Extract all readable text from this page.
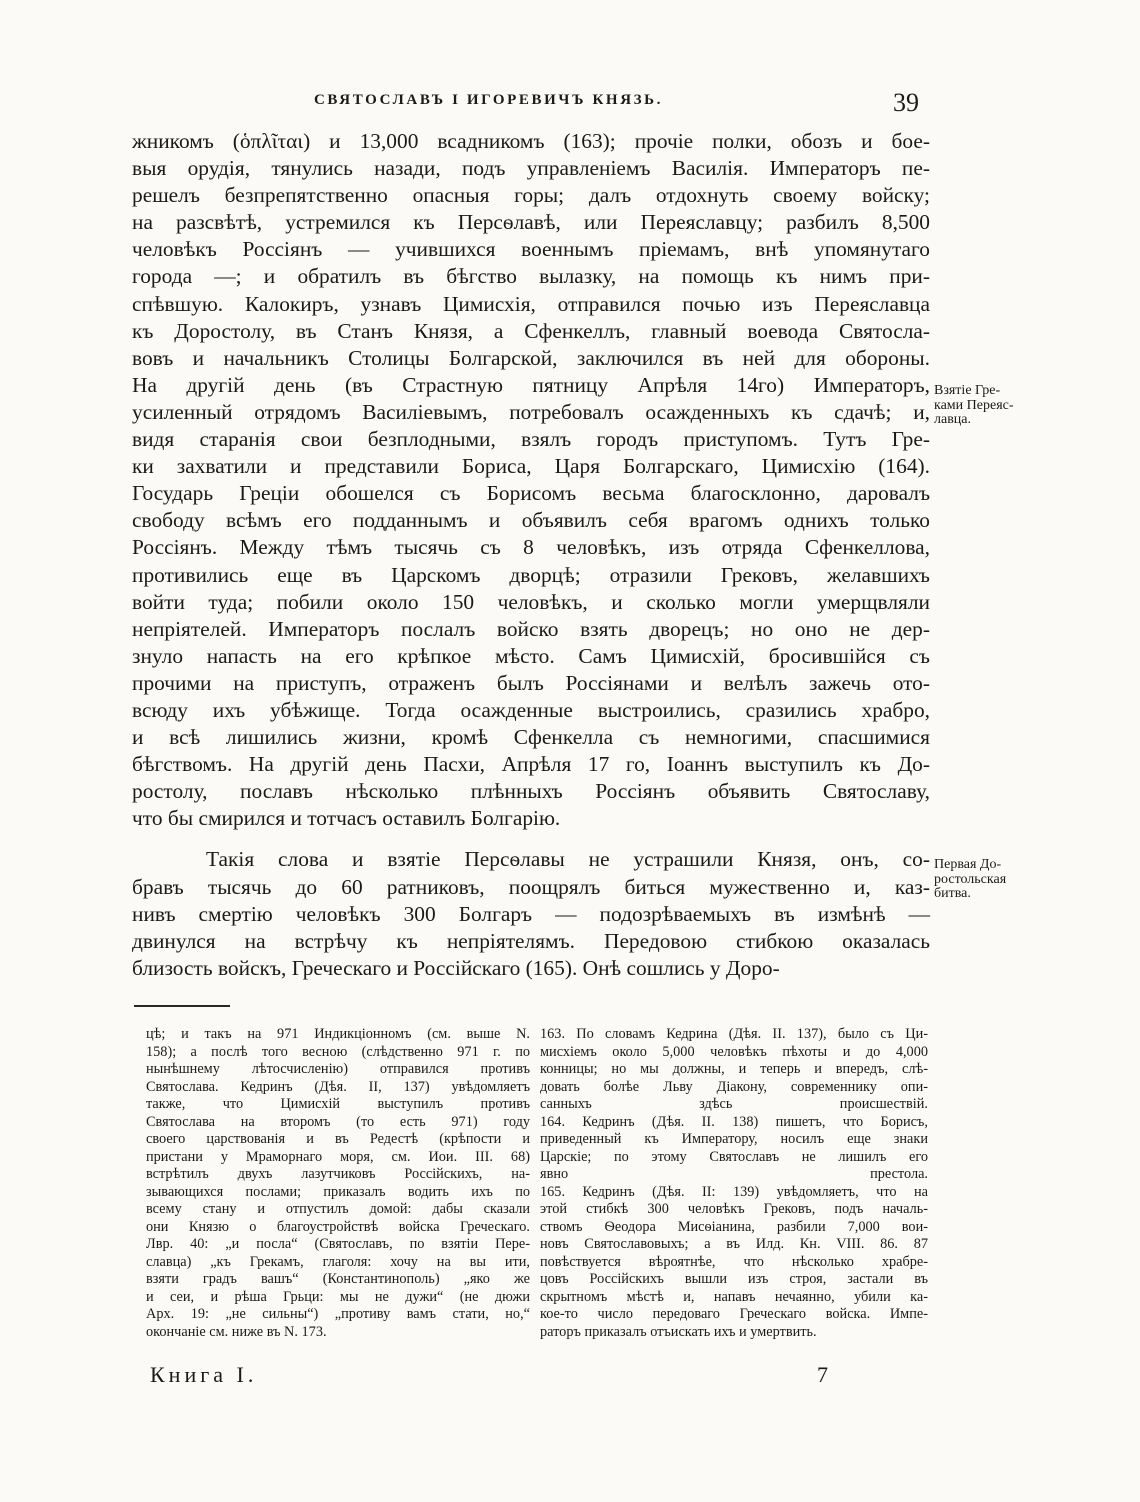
СВЯТОСЛАВЪ I ИГОРЕВИЧЪ КНЯЗЬ.	39
жникомъ (ὁπλῖται) и 13,000 всадникомъ (163); прочіе полки, обозъ и бое-
выя орудія, тянулись назади, подъ управленіемъ Василія. Императоръ пе-
решелъ безпрепятственно опасныя горы; далъ отдохнуть своему войску;
на разсвѣтѣ, устремился къ Персѳлавѣ, или Переяславцу; разбилъ 8,500
человѣкъ Россіянъ — учившихся военнымъ пріемамъ, внѣ упомянутаго
города —; и обратилъ въ бѣгство вылазку, на помощь къ нимъ при-
спѣвшую. Калокиръ, узнавъ Цимисхія, отправился почью изъ Переяславца
къ Доростолу, въ Станъ Князя, а Сфенкеллъ, главный воевода Святосла-
вовъ и начальникъ Столицы Болгарской, заключился въ ней для обороны.
На другій день (въ Страстную пятницу Апрѣля 14го) Императоръ,
усиленный отрядомъ Василіевымъ, потребовалъ осажденныхъ къ сдачѣ; и,
видя старанія свои безплодными, взялъ городъ приступомъ. Тутъ Гре-
ки захватили и представили Бориса, Царя Болгарскаго, Цимисхію (164).
Государь Греціи обошелся съ Борисомъ весьма благосклонно, даровалъ
свободу всѣмъ его подданнымъ и объявилъ себя врагомъ однихъ только
Россіянъ. Между тѣмъ тысячь съ 8 человѣкъ, изъ отряда Сфенкеллова,
противились еще въ Царскомъ дворцѣ; отразили Грековъ, желавшихъ
войти туда; побили около 150 человѣкъ, и сколько могли умерщвляли
непріятелей. Императоръ послалъ войско взять дворецъ; но оно не дер-
знуло напасть на его крѣпкое мѣсто. Самъ Цимисхій, бросившійся съ
прочими на приступъ, отраженъ былъ Россіянами и велѣлъ зажечь ото-
всюду ихъ убѣжище. Тогда осажденные выстроились, сразились храбро,
и всѣ лишились жизни, кромѣ Сфенкелла съ немногими, спасшимися
бѣгствомъ. На другій день Пасхи, Апрѣля 17 го, Іоаннъ выступилъ къ До-
ростолу, пославъ нѣсколько плѣнныхъ Россіянъ объявить Святославу,
что бы смирился и тотчасъ оставилъ Болгарію.
Такія слова и взятіе Персѳлавы не устрашили Князя, онъ, со-
бравъ тысячь до 60 ратниковъ, поощрялъ биться мужественно и, каз-
нивъ смертію человѣкъ 300 Болгаръ — подозрѣваемыхъ въ измѣнѣ —
двинулся на встрѣчу къ непріятелямъ. Передовою стибкою оказалась
близость войскъ, Греческаго и Россійскаго (165). Онѣ сошлись у Доро-
Взятіе Гре-
ками Переяс-
лавца.
Первая До-
ростольская
битва.
цѣ; и такъ на 971 Индикціонномъ (см. выше N.
158); а послѣ того весною (слѣдственно 971 г. по
нынѣшнему лѣтосчисленію) отправился противъ
Святослава. Кедринъ (Дѣя. II, 137) увѣдомляетъ
также, что Цимисхій выступилъ противъ
Святослава на второмъ (то есть 971) году
своего царствованія и въ Редестѣ (крѣпости и
пристани у Мраморнаго моря, см. Иои. III. 68)
встрѣтилъ двухъ лазутчиковъ Россійскихъ, на-
зывающихся послами; приказалъ водить ихъ по
всему стану и отпустилъ домой: дабы сказали
они Князю о благоустройствѣ войска Греческаго.
Лвр. 40: „и посла“ (Святославъ, по взятіи Пере-
славца) „къ Грекамъ, глаголя: хочу на вы ити,
взяти градъ вашъ“ (Константинополь) „яко же
и сеи, и рѣша Грьци: мы не дужи“ (не дюжи
Арх. 19: „не сильны“) „противу вамъ стати, но,“
окончаніе см. ниже въ N. 173.
163. По словамъ Кедрина (Дѣя. II. 137), было съ Ци-
мисхіемъ около 5,000 человѣкъ пѣхоты и до 4,000
конницы; но мы должны, и теперь и впередъ, слѣ-
довать болѣе Льву Діакону, современнику опи-
санныхъ здѣсь происшествій.
164. Кедринъ (Дѣя. II. 138) пишетъ, что Борисъ,
приведенный къ Императору, носилъ еще знаки
Царскіе; по этому Святославъ не лишилъ его
явно престола.
165. Кедринъ (Дѣя. II: 139) увѣдомляетъ, что на
этой стибкѣ 300 человѣкъ Грековъ, подъ началь-
ствомъ Ѳеодора Мисѳіанина, разбили 7,000 вои-
новъ Святославовыхъ; а въ Илд. Кн. VIII. 86. 87
повѣствуется вѣроятнѣе, что нѣсколько храбре-
цовъ Россійскихъ вышли изъ строя, застали въ
скрытномъ мѣстѣ и, напавъ нечаянно, убили ка-
кое-то число передоваго Греческаго войска. Импе-
раторъ приказалъ отъискать ихъ и умертвить.
Книга I.	7
